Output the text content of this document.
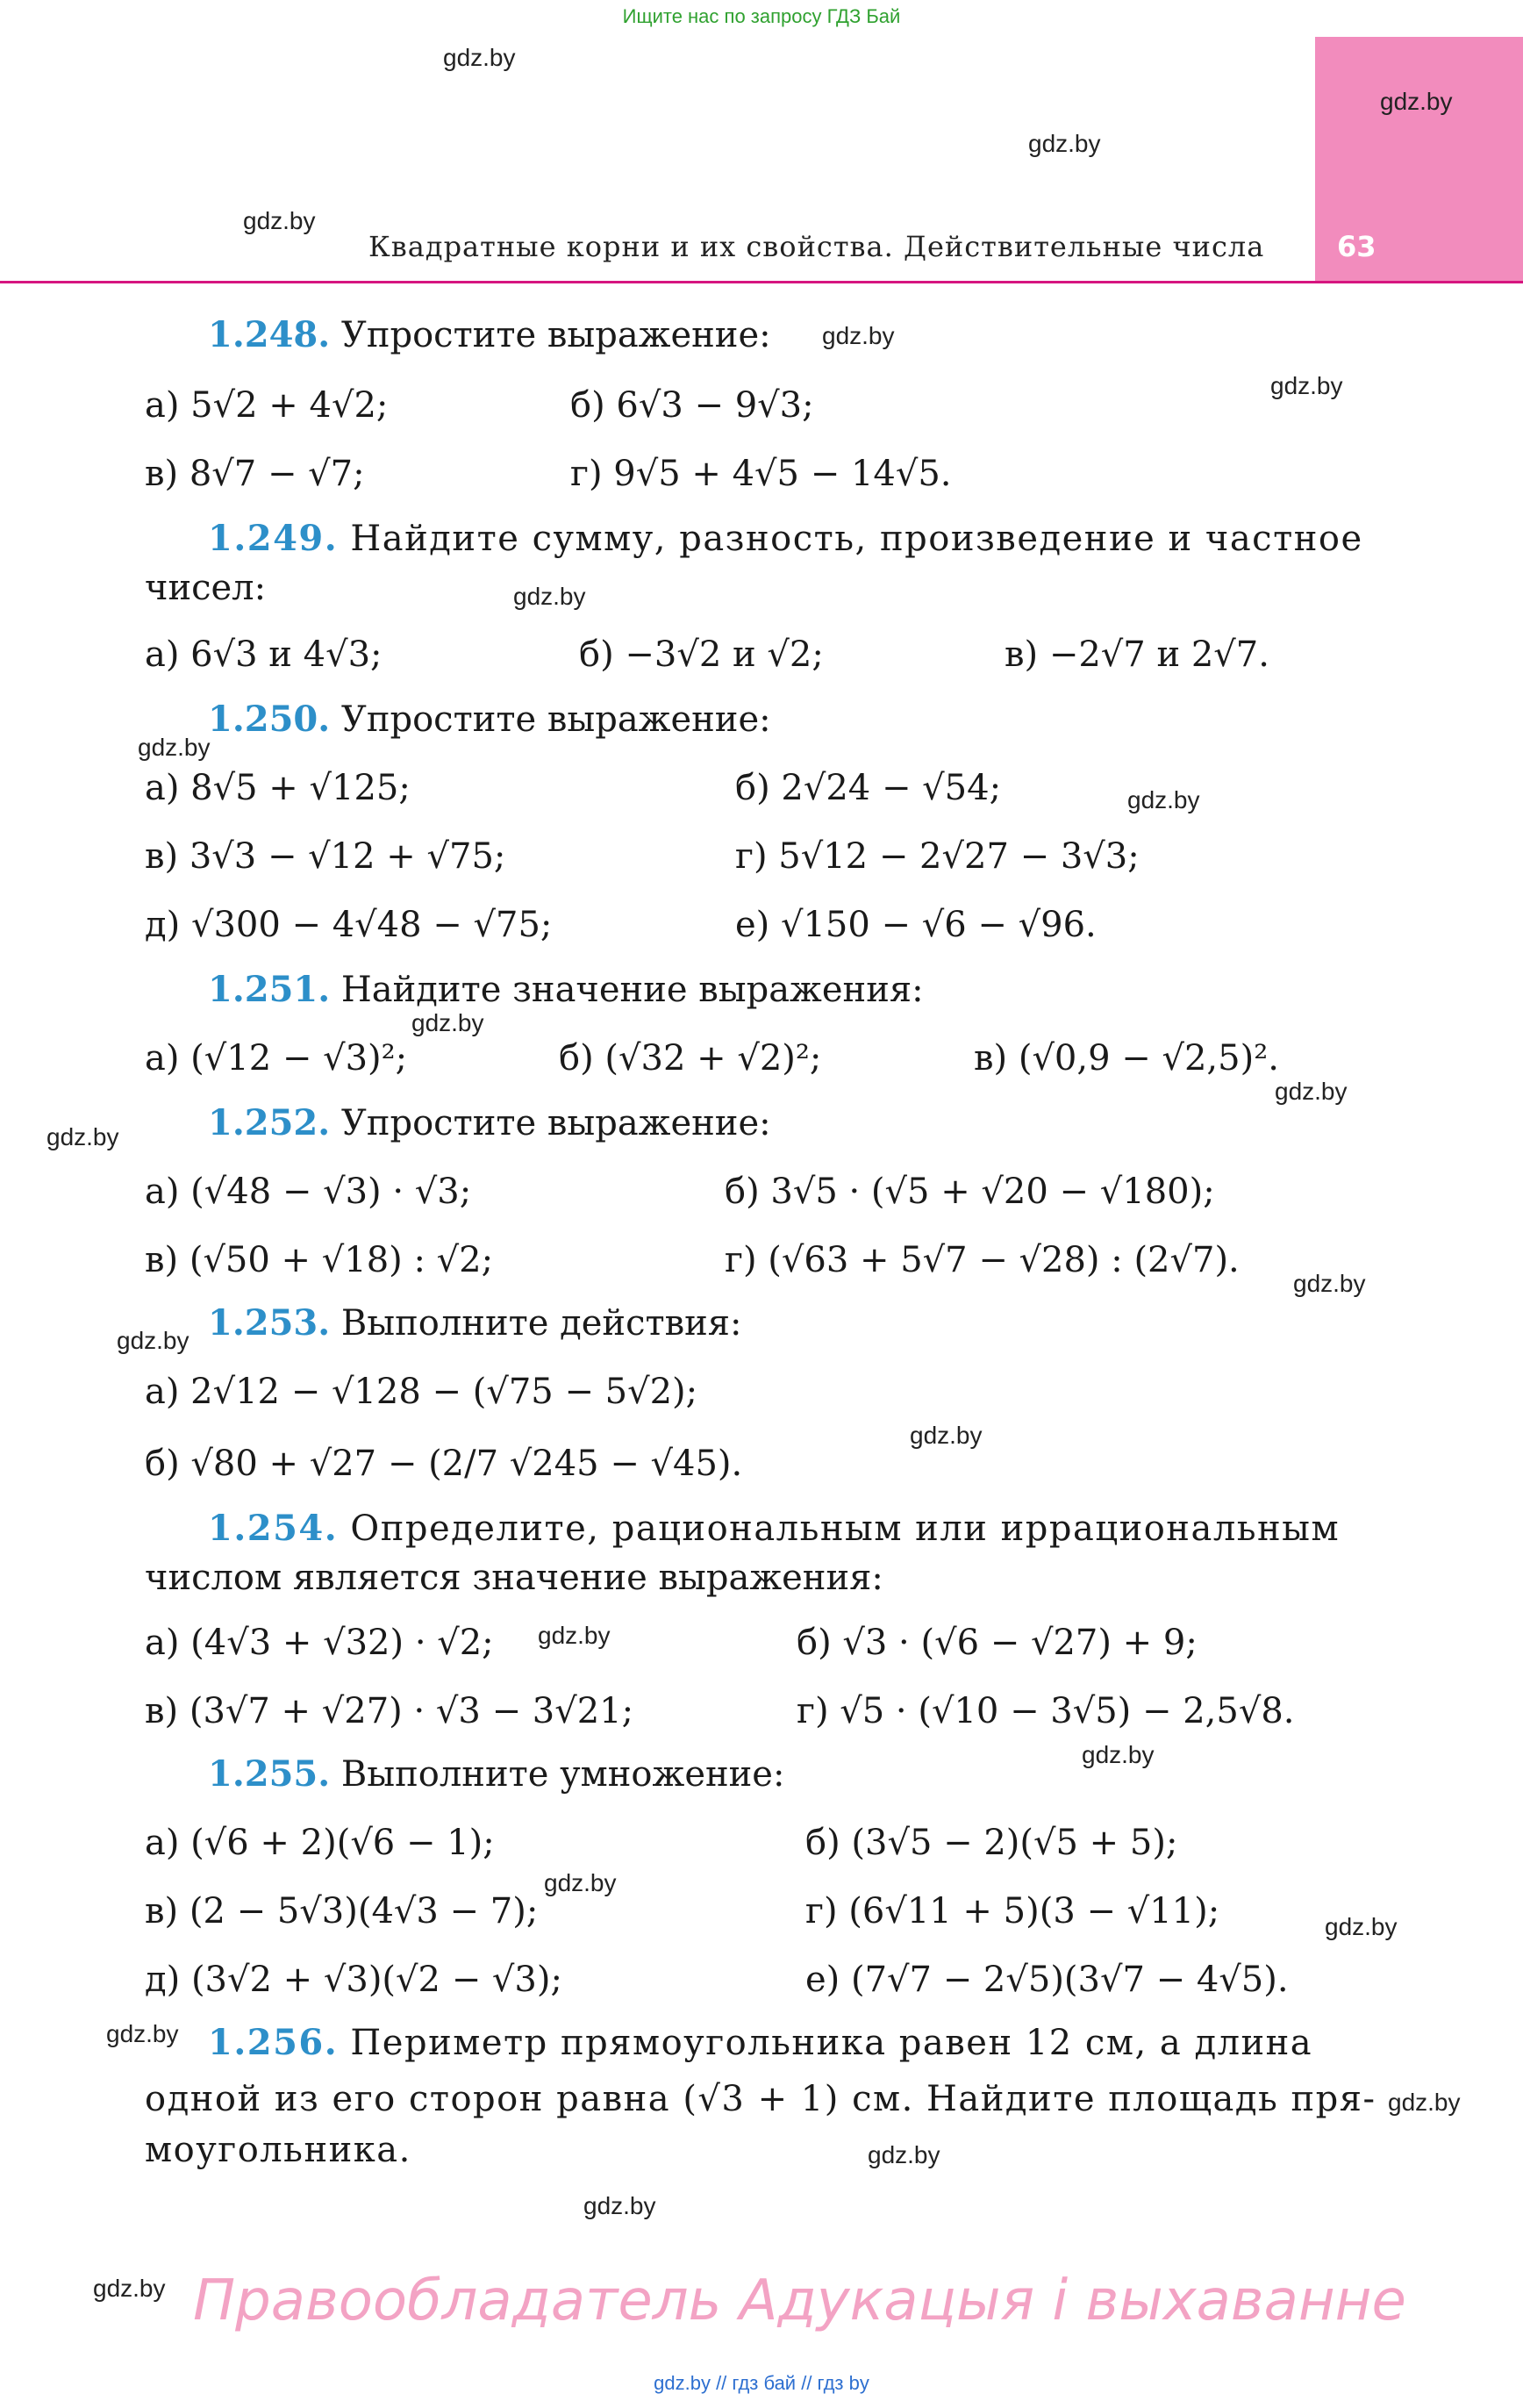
Ищите нас по запросу ГДЗ Бай
63
Квадратные корни и их свойства. Действительные числа
gdz.by
gdz.by
gdz.by
gdz.by
gdz.by
gdz.by
gdz.by
gdz.by
gdz.by
gdz.by
gdz.by
gdz.by
gdz.by
gdz.by
gdz.by
gdz.by
gdz.by
gdz.by
gdz.by
gdz.by
gdz.by
gdz.by
gdz.by
gdz.by
1.248. Упростите выражение:
а) 5√2 + 4√2;	б) 6√3 − 9√3;
в) 8√7 − √7;	г) 9√5 + 4√5 − 14√5.
1.249. Найдите сумму, разность, произведение и частное
чисел:
а) 6√3 и 4√3;	б) −3√2 и √2;	в) −2√7 и 2√7.
1.250. Упростите выражение:
а) 8√5 + √125;	б) 2√24 − √54;
в) 3√3 − √12 + √75;	г) 5√12 − 2√27 − 3√3;
д) √300 − 4√48 − √75;	е) √150 − √6 − √96.
1.251. Найдите значение выражения:
а) (√12 − √3)²;	б) (√32 + √2)²;	в) (√0,9 − √2,5)².
1.252. Упростите выражение:
а) (√48 − √3) · √3;	б) 3√5 · (√5 + √20 − √180);
в) (√50 + √18) : √2;	г) (√63 + 5√7 − √28) : (2√7).
1.253. Выполните действия:
а) 2√12 − √128 − (√75 − 5√2);
б) √80 + √27 − (2/7 √245 − √45).
1.254. Определите, рациональным или иррациональным
числом является значение выражения:
а) (4√3 + √32) · √2;	б) √3 · (√6 − √27) + 9;
в) (3√7 + √27) · √3 − 3√21;	г) √5 · (√10 − 3√5) − 2,5√8.
1.255. Выполните умножение:
а) (√6 + 2)(√6 − 1);	б) (3√5 − 2)(√5 + 5);
в) (2 − 5√3)(4√3 − 7);	г) (6√11 + 5)(3 − √11);
д) (3√2 + √3)(√2 − √3);	е) (7√7 − 2√5)(3√7 − 4√5).
1.256. Периметр прямоугольника равен 12 см, а длина
одной из его сторон равна (√3 + 1) см. Найдите площадь пря-
моугольника.
Правообладатель Адукацыя і выхаванне
gdz.by // гдз бай // гдз by
